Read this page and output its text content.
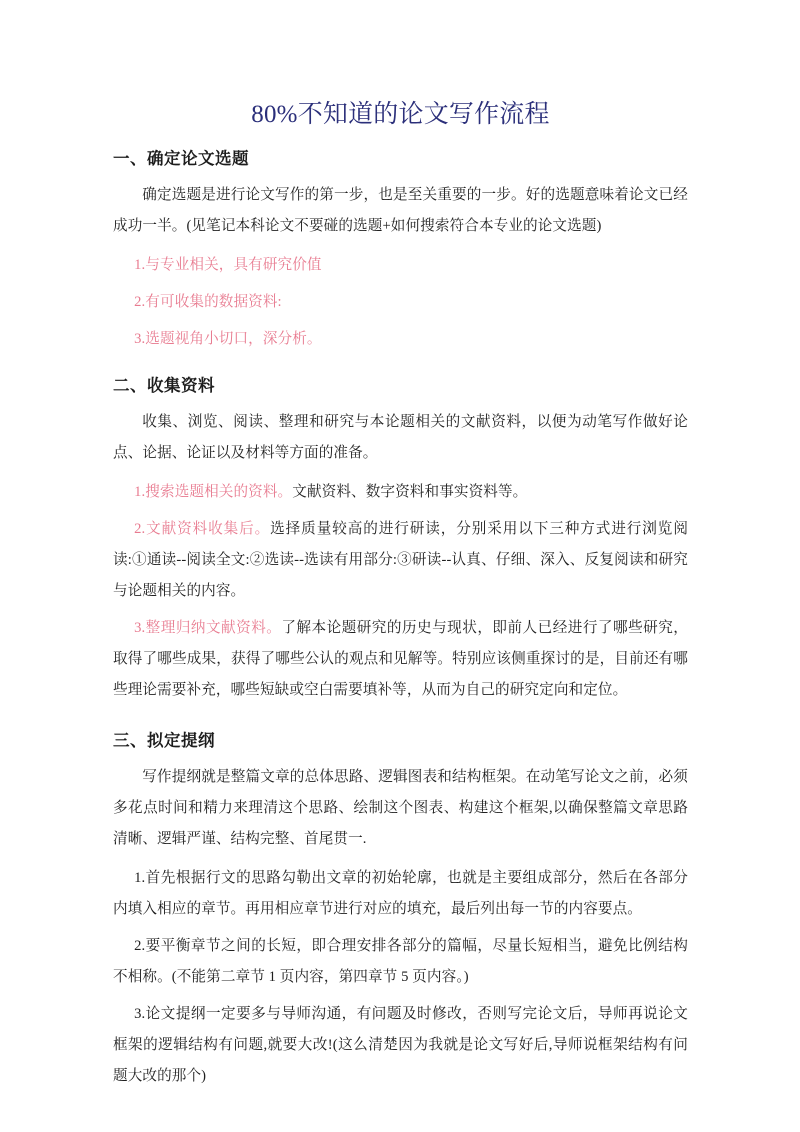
80%不知道的论文写作流程
一、确定论文选题

确定选题是进行论文写作的第一步，也是至关重要的一步。好的选题意味着论文已经成功一半。(见笔记本科论文不要碰的选题+如何搜索符合本专业的论文选题)

1.与专业相关，具有研究价值

2.有可收集的数据资料:

3.选题视角小切口，深分析。

二、收集资料

收集、浏览、阅读、整理和研究与本论题相关的文献资料，以便为动笔写作做好论点、论据、论证以及材料等方面的准备。

1.搜索选题相关的资料。文献资料、数字资料和事实资料等。

2.文献资料收集后。选择质量较高的进行研读，分别采用以下三种方式进行浏览阅读:①通读--阅读全文:②选读--选读有用部分:③研读--认真、仔细、深入、反复阅读和研究与论题相关的内容。

3.整理归纳文献资料。了解本论题研究的历史与现状，即前人已经进行了哪些研究，取得了哪些成果，获得了哪些公认的观点和见解等。特别应该侧重探讨的是，目前还有哪些理论需要补充，哪些短缺或空白需要填补等，从而为自己的研究定向和定位。

三、拟定提纲

写作提纲就是整篇文章的总体思路、逻辑图表和结构框架。在动笔写论文之前，必须多花点时间和精力来理清这个思路、绘制这个图表、构建这个框架,以确保整篇文章思路清晰、逻辑严谨、结构完整、首尾贯一.

1.首先根据行文的思路勾勒出文章的初始轮廓，也就是主要组成部分，然后在各部分内填入相应的章节。再用相应章节进行对应的填充，最后列出每一节的内容要点。

2.要平衡章节之间的长短，即合理安排各部分的篇幅，尽量长短相当，避免比例结构不相称。(不能第二章节 1 页内容，第四章节 5 页内容。)

3.论文提纲一定要多与导师沟通，有问题及时修改，否则写完论文后，导师再说论文框架的逻辑结构有问题,就要大改!(这么清楚因为我就是论文写好后,导师说框架结构有问题大改的那个)
